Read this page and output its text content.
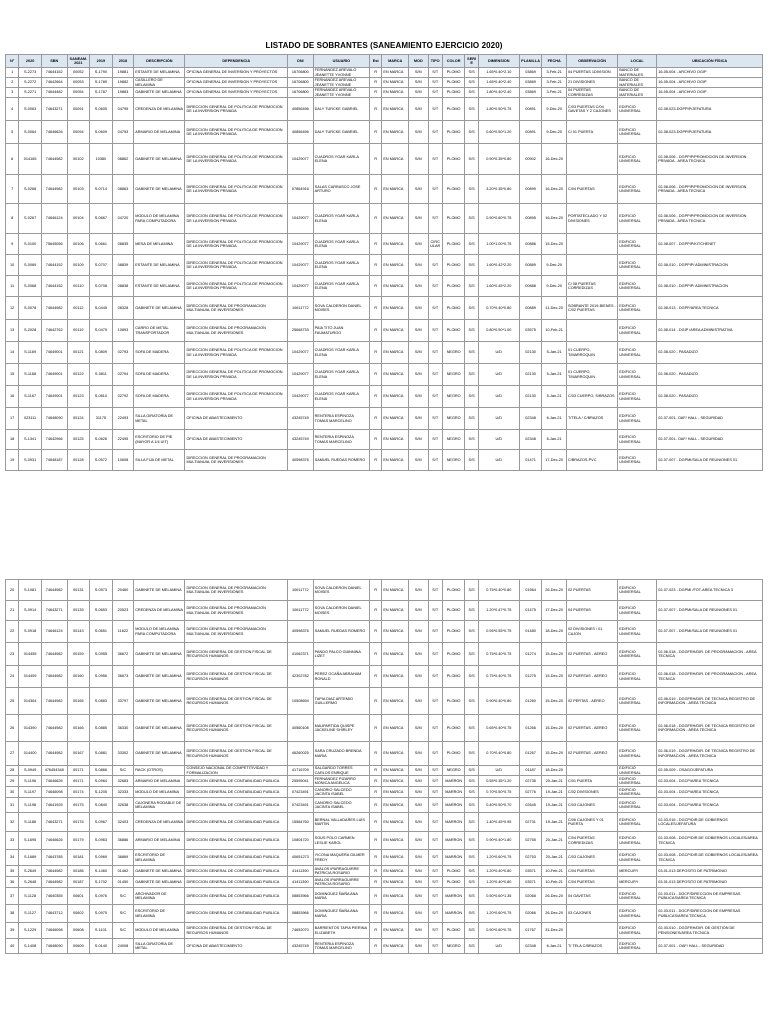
LISTADO DE SOBRANTES (SANEAMIENTO EJERCICIO 2020)
N°	2020	SBN	SANEAM. 2021	2019	2018	DESCRIPCIÓN	DEPENDENCIA	DNI	USUARIO	Est	MARCA	MOD	TIPO	COLOR	SERIE	DIMENSION	PLANILLA	FECHA	OBSERVACIÓN	LOCAL	UBICACIÓN FÍSICA
1	S-2273	74644152	00052	S-1790	19881	ESTANTE DE MELAMINA	OFICINA GENERAL DE INVERSION Y PROYECTOS	16706800	FERNANDEZ AREVALO JEANETTE YVONNE	R	EN MARCA	S/M	S/T	PLOMO	S/S	1.65*0.40*2.10	03869	3-Feb-21	04 PUERTAS 1DIVISION	BANCO DE MATERIALES	16-05-004 - ARCHIVO OGIP
2	S-2272	74642664	00053	S-1789	19882	CASILLERO DE MELAMINA	OFICINA GENERAL DE INVERSION Y PROYECTOS	16706800	FERNANDEZ AREVALO JEANETTE YVONNE	R	EN MARCA	S/M	S/T	PLOMO	S/S	1.65*0.40*2.40	03869	3-Feb-21	21 DIVISIONES	BANCO DE MATERIALES	16-05-004 - ARCHIVO OGIP
3	S-2271	74644482	00054	S-1787	19883	GABINETE DE MELAMINA	OFICINA GENERAL DE INVERSION Y PROYECTOS	16706800	FERNANDEZ AREVALO JEANETTE YVONNE	R	EN MARCA	S/M	S/T	PLOMO	S/S	1.80*0.40*2.40	03869	3-Feb-21	04 PUERTAS CORREDIZAS	BANCO DE MATERIALES	16-05-004 - ARCHIVO OGIP
4	S-0063	74643271	00091	S-0605	04795	CREDENZA DE MELAMINA	DIRECCION GENERAL DE POLITICA DE PROMOCION DE LA INVERSION PRIVADA	40856496	DALY TURCKE GABRIEL	R	EN MARCA	S/M	S/T	PLOMO	S/S	1.80*0.50*0.75	00891	9-Dec-20	C/03 PUERTAS C/04 GAVETAS Y 2 CAJONES	EDIFICIO UNIVERSAL	02-08-023-DGPPIP/JEFATURA
5	S-0064	74646626	00094	S-0609	04753	ARMARIO DE MELAMINA	DIRECCION GENERAL DE POLITICA DE PROMOCION DE LA INVERSION PRIVADA	40856496	DALY TURCKE GABRIEL	R	EN MARCA	S/M	S/T	PLOMO	S/S	0.60*0.50*1.20	00891	9-Dec-20	C/ 01 PUERTA	EDIFICIO UNIVERSAL	02-08-023-DGPPIP/JEFATURA
6	014165	74644982	00102	10380	08862	GABINETE DE MELAMINA	DIRECCION GENERAL DE POLITICA DE PROMOCION DE LA INVERSION PRIVADA	10429077	CUADROS YGAR KARLA ELENA	R	EN MARCA	S/M	S/T	PLOMO	S/S	0.90*0.35*0.80	00902	16-Dec-20		EDIFICIO UNIVERSAL	02-08-006 - DGPPIP/PROMOCION DE INVERSION PRIVADA - AREA TECNICA
7	S-0268	74644982	00103	S-0714	08863	GABINETE DE MELAMINA	DIRECCION GENERAL DE POLITICA DE PROMOCION DE LA INVERSION PRIVADA	07864916	SALAS CARRASCO JOSE ARTURO	R	EN MARCA	S/M	S/T	PLOMO	S/S	3.20*0.35*0.80	00899	16-Dec-20	C/04 PUERTAS	EDIFICIO UNIVERSAL	02-08-006 - DGPPIP/PROMOCION DE INVERSION PRIVADA - AREA TECNICA
8	S-0267	74646124	00104	S-0667	04720	MODULO DE MELAMINA PARA COMPUTADORA	DIRECCION GENERAL DE POLITICA DE PROMOCION DE LA INVERSION PRIVADA	10429077	CUADROS YGAR KARLA ELENA	R	EN MARCA	S/M	S/T	PLOMO	S/S	0.90*0.60*0.75	00895	16-Dec-20	PORTATECLADO Y 02 DIVISIONES	EDIFICIO UNIVERSAL	02-08-006 - DGPPIP/PROMOCION DE INVERSION PRIVADA - AREA TECNICA
9	S-0100	75645056	00106	S-0661	08835	MESA DE MELAMINA	DIRECCION GENERAL DE POLITICA DE PROMOCION DE LA INVERSION PRIVADA	10429077	CUADROS YGAR KARLA ELENA	R	EN MARCA	S/M	CIRCULAR	PLOMO	S/S	1.00*1.00*0.75	00886	15-Dec-20		EDIFICIO UNIVERSAL	02-08-007 - DGPPIP/KITCHENET
10	S-0069	74644152	00109	S-0707	08839	ESTANTE DE MELAMINA	DIRECCION GENERAL DE POLITICA DE PROMOCION DE LA INVERSION PRIVADA	10429077	CUADROS YGAR KARLA ELENA	R	EN MARCA	S/M	S/T	PLOMO	S/S	1.60*0.42*2.20	00889	9-Dec-20		EDIFICIO UNIVERSAL	02-08-010 - DGPPIP/ ADMINISTRACION
11	S-0068	74644152	00110	S-0708	08838	ESTANTE DE MELAMINA	DIRECCION GENERAL DE POLITICA DE PROMOCION DE LA INVERSION PRIVADA	10429077	CUADROS YGAR KARLA ELENA	R	EN MARCA	S/M	S/T	PLOMO	S/S	1.60*0.45*2.20	00888	9-Dec-20	C/ 08 PUERTAS CORREDIZAS	EDIFICIO UNIVERSAL	02-08-010 - DGPPIP/ ADMINISTRACION
12	S-0078	74644982	00112	S-0445	08328	GABINETE DE MELAMINA	DIRECCION GENERAL DE PROGRAMACION MULTIANUAL DE INVERSIONES	10611772	SOVA CALDERON DANIEL MOISES	R	EN MARCA	S/M	S/T	PLOMO	S/S	0.70*0.40*0.80	00889	11-Dec-20	SOBRANTE 2019-BIENES - C/02 PUERTAS	EDIFICIO UNIVERSAL	02-08-013 - DGPP/AREA TECNICA
13	S-2028	74642762	00119	S-0475	10893	CARRO DE METAL TRANSPORTADOR	DIRECCION GENERAL DE PROGRAMACION MULTIANUAL DE INVERSIONES	25668733	PAIA TITO JUAN FAUMATURGO	R	EN MARCA	S/M	S/T	PLOMO	S/S	0.80*0.90*1.00	03575	10-Feb-21		EDIFICIO UNIVERSAL	02-08-014 - DGIP /AREA ADMINISTRATIVA
14	S-1169	74649001	00121	S-0809	02793	SOFA DE MADERA	DIRECCION GENERAL DE POLITICA DE PROMOCION DE LA INVERSION PRIVADA	10429077	CUADROS YGAR KARLA ELENA	R	EN MARCA	S/M	S/T	NEGRO	S/S	U/D	02130	5-Jan-21	01 CUERPO, T/MARROQUIN	EDIFICIO UNIVERSAL	02-08-020 - PASADIZO
15	S-1168	74649001	00122	S-0811	02794	SOFA DE MADERA	DIRECCION GENERAL DE POLITICA DE PROMOCION DE LA INVERSION PRIVADA	10429077	CUADROS YGAR KARLA ELENA	R	EN MARCA	S/M	S/T	NEGRO	S/S	U/D	02130	5-Jan-21	01 CUERPO, T/MARROQUIN	EDIFICIO UNIVERSAL	02-08-020 - PASADIZO
16	S-1167	74649001	00123	S-0810	02792	SOFA DE MADERA	DIRECCION GENERAL DE POLITICA DE PROMOCION DE LA INVERSION PRIVADA	10429077	CUADROS YGAR KARLA ELENA	R	EN MARCA	S/M	S/T	NEGRO	S/S	U/D	02130	5-Jan-21	C/03 CUERPO, S/BRAZOS	EDIFICIO UNIVERSAL	02-08-020 - PASADIZO
17	023111	74648090	00124	31175	22493	SILLA GIRATORIA DE METAL	OFICINA DE ABASTECIMIENTO	43245749	RENTERIA ESPINOZA TOMAS MARCELINO	R	EN MARCA	S/M	S/T	NEGRO	S/S	U/D	02348	6-Jan-21	T/TELA / C/BRAZOS	EDIFICIO UNIVERSAL	02-07-001- OAF/ HALL - SEGURIDAD
18	S-1341	74642966	00125	S-0626	22495	ESCRITORIO DE PIE (MAYOR A 1/4 UIT)	OFICINA DE ABASTECIMIENTO	43245749	RENTERIA ESPINOZA TOMAS MARCELINO	R	EN MARCA	S/M	S/T	NEGRO	S/S	U/D	02348	6-Jan-21		EDIFICIO UNIVERSAL	02-07-001- OAF/ HALL - SEGURIDAD
19	S-0931	74648187	00128	S-0572	10608	SILLA FIJA DE METAL	DIRECCION GENERAL DE PROGRAMACION MULTIANUAL DE INVERSIONES	40598376	SAMUEL RUEDAS ROMERO	R	EN MARCA	S/M	S/T	NEGRO	S/S	U/D	01471	17-Dec-20	C/BRAZOS-PVC	EDIFICIO UNIVERSAL	02-07-007 - DGPMI/SALA DE REUNIONES 01
20	S-1081	74644982	00131	S-0573	20460	GABINETE DE MELAMINA	DIRECCION GENERAL DE PROGRAMACION MULTIANUAL DE INVERSIONES	10611772	SOVA CALDERON DANIEL MOISES	R	EN MARCA	S/M	S/T	PLOMO	S/S	0.75*0.40*0.80	01564	26-Dec-20	02 PUERTAS	EDIFICIO UNIVERSAL	02-07-023 - DGPMI /FOT-AREA TECNICA 3
21	S-0914	74643271	00139	S-0653	20523	CREDENZA DE MELAMINA	DIRECCION GENERAL DE PROGRAMACION MULTIANUAL DE INVERSIONES	10611772	SOVA CALDERON DANIEL MOISES	R	EN MARCA	S/M	S/T	PLOMO	S/S	1.20*0.47*0.75	01475	17-Dec-20	04 PUERTAS	EDIFICIO UNIVERSAL	02-07-007 - DGPMI/SALA DE REUNIONES 01
22	S-0918	74646124	00143	S-0651	11622	MODULO DE MELAMINA PARA COMPUTADORA	DIRECCION GENERAL DE PROGRAMACION MULTIANUAL DE INVERSIONES	40598376	SAMUEL RUEDAS ROMERO	R	EN MARCA	S/M	S/T	PLOMO	S/S	0.95*0.55*0.75	01480	18-Dec-20	02 DIVISIONES / 01 CAJON	EDIFICIO UNIVERSAL	02-07-007 - DGPMI/SALA DE REUNIONES 01
23	014455	74644982	00159	S-0955	36672	GABINETE DE MELAMINA	DIRECCION GENERAL DE GESTION FISCAL DE RECURSOS HUMANOS	41062371	PANDO PALCO GIANNINA LIZET	R	EN MARCA	S/M	S/T	PLOMO	S/S	0.75*0.40*0.75	01274	15-Dec-20	02 PUERTAS - AEREO	EDIFICIO UNIVERSAL	02-06-018 - DGGFRH/DIR. DE PROGRAMACION - AREA TECNICA
24	014459	74644982	00160	S-0956	36673	GABINETE DE MELAMINA	DIRECCION GENERAL DE GESTION FISCAL DE RECURSOS HUMANOS	42302782	PEREZ OCAÑA ABRAHAM RONALD	R	EN MARCA	S/M	S/T	PLOMO	S/S	0.75*0.40*0.75	01275	15-Dec-20	02 PUERTAS - AEREO	EDIFICIO UNIVERSAL	02-06-018 - DGGFRH/DIR. DE PROGRAMACION - AREA TECNICA
25	014364	74644982	00165	S-0883	33797	GABINETE DE MELAMINA	DIRECCION GENERAL DE GESTION FISCAL DE RECURSOS HUMANOS	10508694	TAPIA DIAZ ARTEMIO GUILLERMO	R	EN MARCA	S/M	S/T	PLOMO	S/S	0.90*0.40*0.80	01260	15-Dec-20	02 PERTAS - AEREO	EDIFICIO UNIVERSAL	02-06-019 - DGGFRH/DIR. DE TECNICA REGISTRO DE INFORMACION - AREA TECNICA
26	014390	74644982	00166	S-0885	36330	GABINETE DE MELAMINA	DIRECCION GENERAL DE GESTION FISCAL DE RECURSOS HUMANOS	40560108	MAUPARTIDA QUISPE JACKELINE SHIRLEY	R	EN MARCA	S/M	S/T	PLOMO	S/S	0.65*0.40*0.75	01266	15-Dec-20	02 PUERTAS - AEREO	EDIFICIO UNIVERSAL	02-06-018 - DGGFRH/DIR. DE TECNICA REGISTRO DE INFORMACION - AREA TECNICA
27	014400	74644982	00167	S-0881	33302	GABINETE DE MELAMINA	DIRECCION GENERAL DE GESTION FISCAL DE RECURSOS HUMANOS	46260025	SARA CRUZADO BRENDA MARIA	R	EN MARCA	S/M	S/T	PLOMO	S/S	0.70*0.40*0.80	01267	15-Dec-20	02 PUERTAS - AEREO	EDIFICIO UNIVERSAL	02-06-019 - DGGFRH/DIR. DE TECNICA REGISTRO DE INFORMACION - AREA TECNICA
28	S-0949	476454348	00171	S-0866	S/C	RACK (OTROS)	CONSEJO NACIONAL DE COMPETITIVIDAD Y FORMALIZACION	41716709	SALGARDO TORRES CARLOS ENRIQUE	R	EN MARCA	S/M	S/T	NEGRO	S/S	U/D	01187	18-Dec-20		EDIFICIO UNIVERSAL	02-05-009 - OSAGO/JEFATURA
29	S-1196	74646626	00171	S-0964	32683	ARMARIO DE MELAMINA	DIRECCION GENERAL DE CONTABILIDAD PUBLICA	25595041	FERNANDEZ PIZARRO MONICA ANGELICA	R	EN MARCA	S/M	S/T	MARRON	S/S	0.55*0.35*1.20	02735	20-Jan-21	C/01 PUERTA	EDIFICIO UNIVERSAL	02-03-004 - DGCP/AREA TECNICA
30	S-1197	74646098	00174	S-1205	32333	MODULO DE MELAMINA	DIRECCION GENERAL DE CONTABILIDAD PUBLICA	07423491	CANORIO SALCEDO JACINTA ISABEL	R	EN MARCA	S/M	S/T	MARRON	S/S	0.70*0.50*0.75	02776	19-Jan-21	C/02 DIVISIONES	EDIFICIO UNIVERSAL	02-03-004 - DGCP/AREA TECNICA
31	S-1198	74641925	00175	S-0840	32638	CAJONERA RODABLE DE MELAMINA	DIRECCION GENERAL DE CONTABILIDAD PUBLICA	07423491	CANORIO SALCEDO JACINTA ISABEL	R	EN MARCA	S/M	S/T	MARRON	S/S	0.40*0.50*0.70	02645	19-Jan-21	C/03 CAJONES	EDIFICIO UNIVERSAL	02-03-004 - DGCP/AREA TECNICA
32	S-1186	74643271	00176	S-0967	32403	CREDENZA DE MELAMINA	DIRECCION GENERAL DE CONTABILIDAD PUBLICA	15584760	BERNAL VALLADARES LUIS MARTIN	R	EN MARCA	S/M	S/T	MARRON	S/S	1.40*0.45*0.95	02731	19-Jan-21	C/06 CAJONES Y 01 PUERTA	EDIFICIO UNIVERSAL	02-03-016 - DGCP/DIR.DE GOBIERNOS LOCALES/JEFATURA
33	S-1695	74646626	00179	S-0963	36886	ARMARIO DE MELAMINA	DIRECCION GENERAL DE CONTABILIDAD PUBLICA	10804720	SOUS POLO CARMEN LESLIE KAROL	R	EN MARCA	S/M	S/T	MARRON	S/S	0.90*0.40*1.80	02765	20-Jan-21	C/04 PUERTAS CORREDIZAS	EDIFICIO UNIVERSAL	02-03-008 - DGCP/DIR.DE GOBIERNOS LOCALES/AREA TECNICA
34	S-1689	74643785	00181	S-0969	36869	ESCRITORIO DE MELAMINA	DIRECCION GENERAL DE CONTABILIDAD PUBLICA	40651273	YICONA MAQUERA GILMER FREDY	R	EN MARCA	S/M	S/T	MARRON	S/S	1.20*0.60*0.75	02753	20-Jan-21	C/03 CAJONES	EDIFICIO UNIVERSAL	02-03-008 - DGCP/DIR.DE GOBIERNOS LOCALES/AREA TECNICA
35	S-2649	74644982	00186	S-1460	01462	GABINETE DE MELAMINA	DIRECCION GENERAL DE CONTABILIDAD PUBLICA	41411390	AVALOS IPARRAGUIRRE PATRICIA ROSARIO	R	EN MARCA	S/M	S/T	PLOMO	S/S	1.20*0.40*0.80	03571	10-Feb-21	C/04 PUERTAS	MERCURY	03-01-013 DEPOSITO DE PATRIMONIO
36	S-2648	74644982	00187	S-1702	01450	GABINETE DE MELAMINA	DIRECCION GENERAL DE CONTABILIDAD PUBLICA	41411390	AVALOS IPARRAGUIRRE PATRICIA ROSARIO	R	EN MARCA	S/M	S/T	PLOMO	S/S	1.20*0.40*0.80	03571	10-Feb-21	C/04 PUERTAS	MERCURY	03-01-013 DEPOSITO DE PATRIMONIO
37	S-1128	74640355	00601	S-0976	S/C	ARCHIVADOR DE MELAMINA	DIRECCION GENERAL DE CONTABILIDAD PUBLICA	08853966	DOMINGUEZ ÑAÑA ANA MARIA	R	EN MARCA	S/M	S/T	MARRON	S/S	0.50*0.60*1.35	02068	26-Dec-20	04 GAVETAS	EDIFICIO UNIVERSAL	02-03-011 - DGCP/DIRECCION DE EMPRESAS PUBLICAS/AREA TECNICA
38	S-1127	74643712	00602	S-0975	S/C	ESCRITORIO DE MELAMINA	DIRECCION GENERAL DE CONTABILIDAD PUBLICA	08853966	DOMINGUEZ ÑAÑA ANA MARIA	R	EN MARCA	S/M	S/T	MARRON	S/S	1.20*0.60*0.75	02066	26-Dec-20	03 CAJONES	EDIFICIO UNIVERSAL	02-03-011 - DGCP/DIRECCION DE EMPRESAS PUBLICAS/AREA TECNICA
39	S-1229	74646098	00608	S-1101	S/C	MODULO DE MELAMINA	DIRECCION GENERAL DE GESTION FISCAL DE RECURSOS HUMANOS	74652070	BARRIENTOS TAPIA PIERINA ELIZABETH	R	EN MARCA	S/M	S/T	PLOMO	S/S	0.90*0.60*0.75	01767	31-Dec-20		EDIFICIO UNIVERSAL	02-03-010 - DGGFRH/DIR. DE GESTION DE PENSIONES/AREA TECNICA
40	S-1408	74648090	00609	S-0140	24008	SILLA GIRATORIA DE METAL	OFICINA DE ABASTECIMIENTO	43245749	RENTERIA ESPINOZA TOMAS MARCELINO	R	EN MARCA	S/M	S/T	NEGRO	S/S	U/D	02348	6-Jan-21	T/ TELA C/BRAZOS	EDIFICIO UNIVERSAL	02-07-001 - OAF/ HALL - SEGURIDAD
